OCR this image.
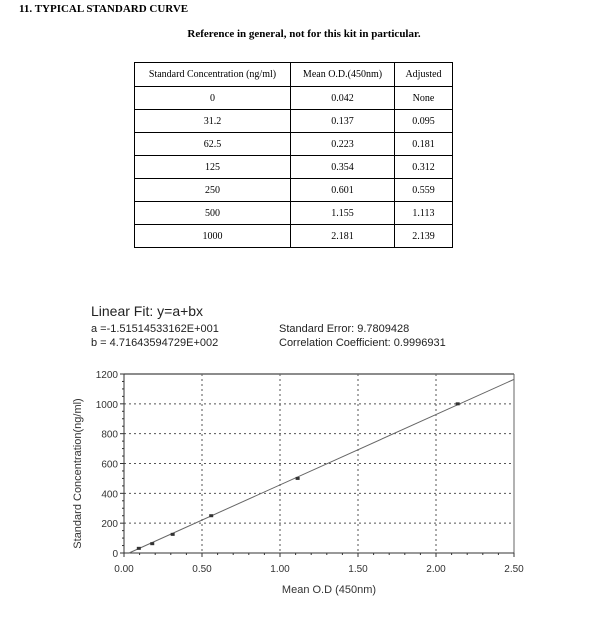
11. TYPICAL STANDARD CURVE
Reference in general, not for this kit in particular.
Standard Concentration (ng/ml)	Mean O.D.(450nm)	Adjusted
0	0.042	None
31.2	0.137	0.095
62.5	0.223	0.181
125	0.354	0.312
250	0.601	0.559
500	1.155	1.113
1000	2.181	2.139
Linear Fit: y=a+bx
a =-1.51514533162E+001
b = 4.71643594729E+002
Standard Error: 9.7809428
Correlation Coefficient: 0.9996931
0
200
400
600
800
1000
1200
0.00	0.50	1.00	1.50	2.00	2.50
Mean O.D (450nm)
Standard Concentration(ng/ml)
